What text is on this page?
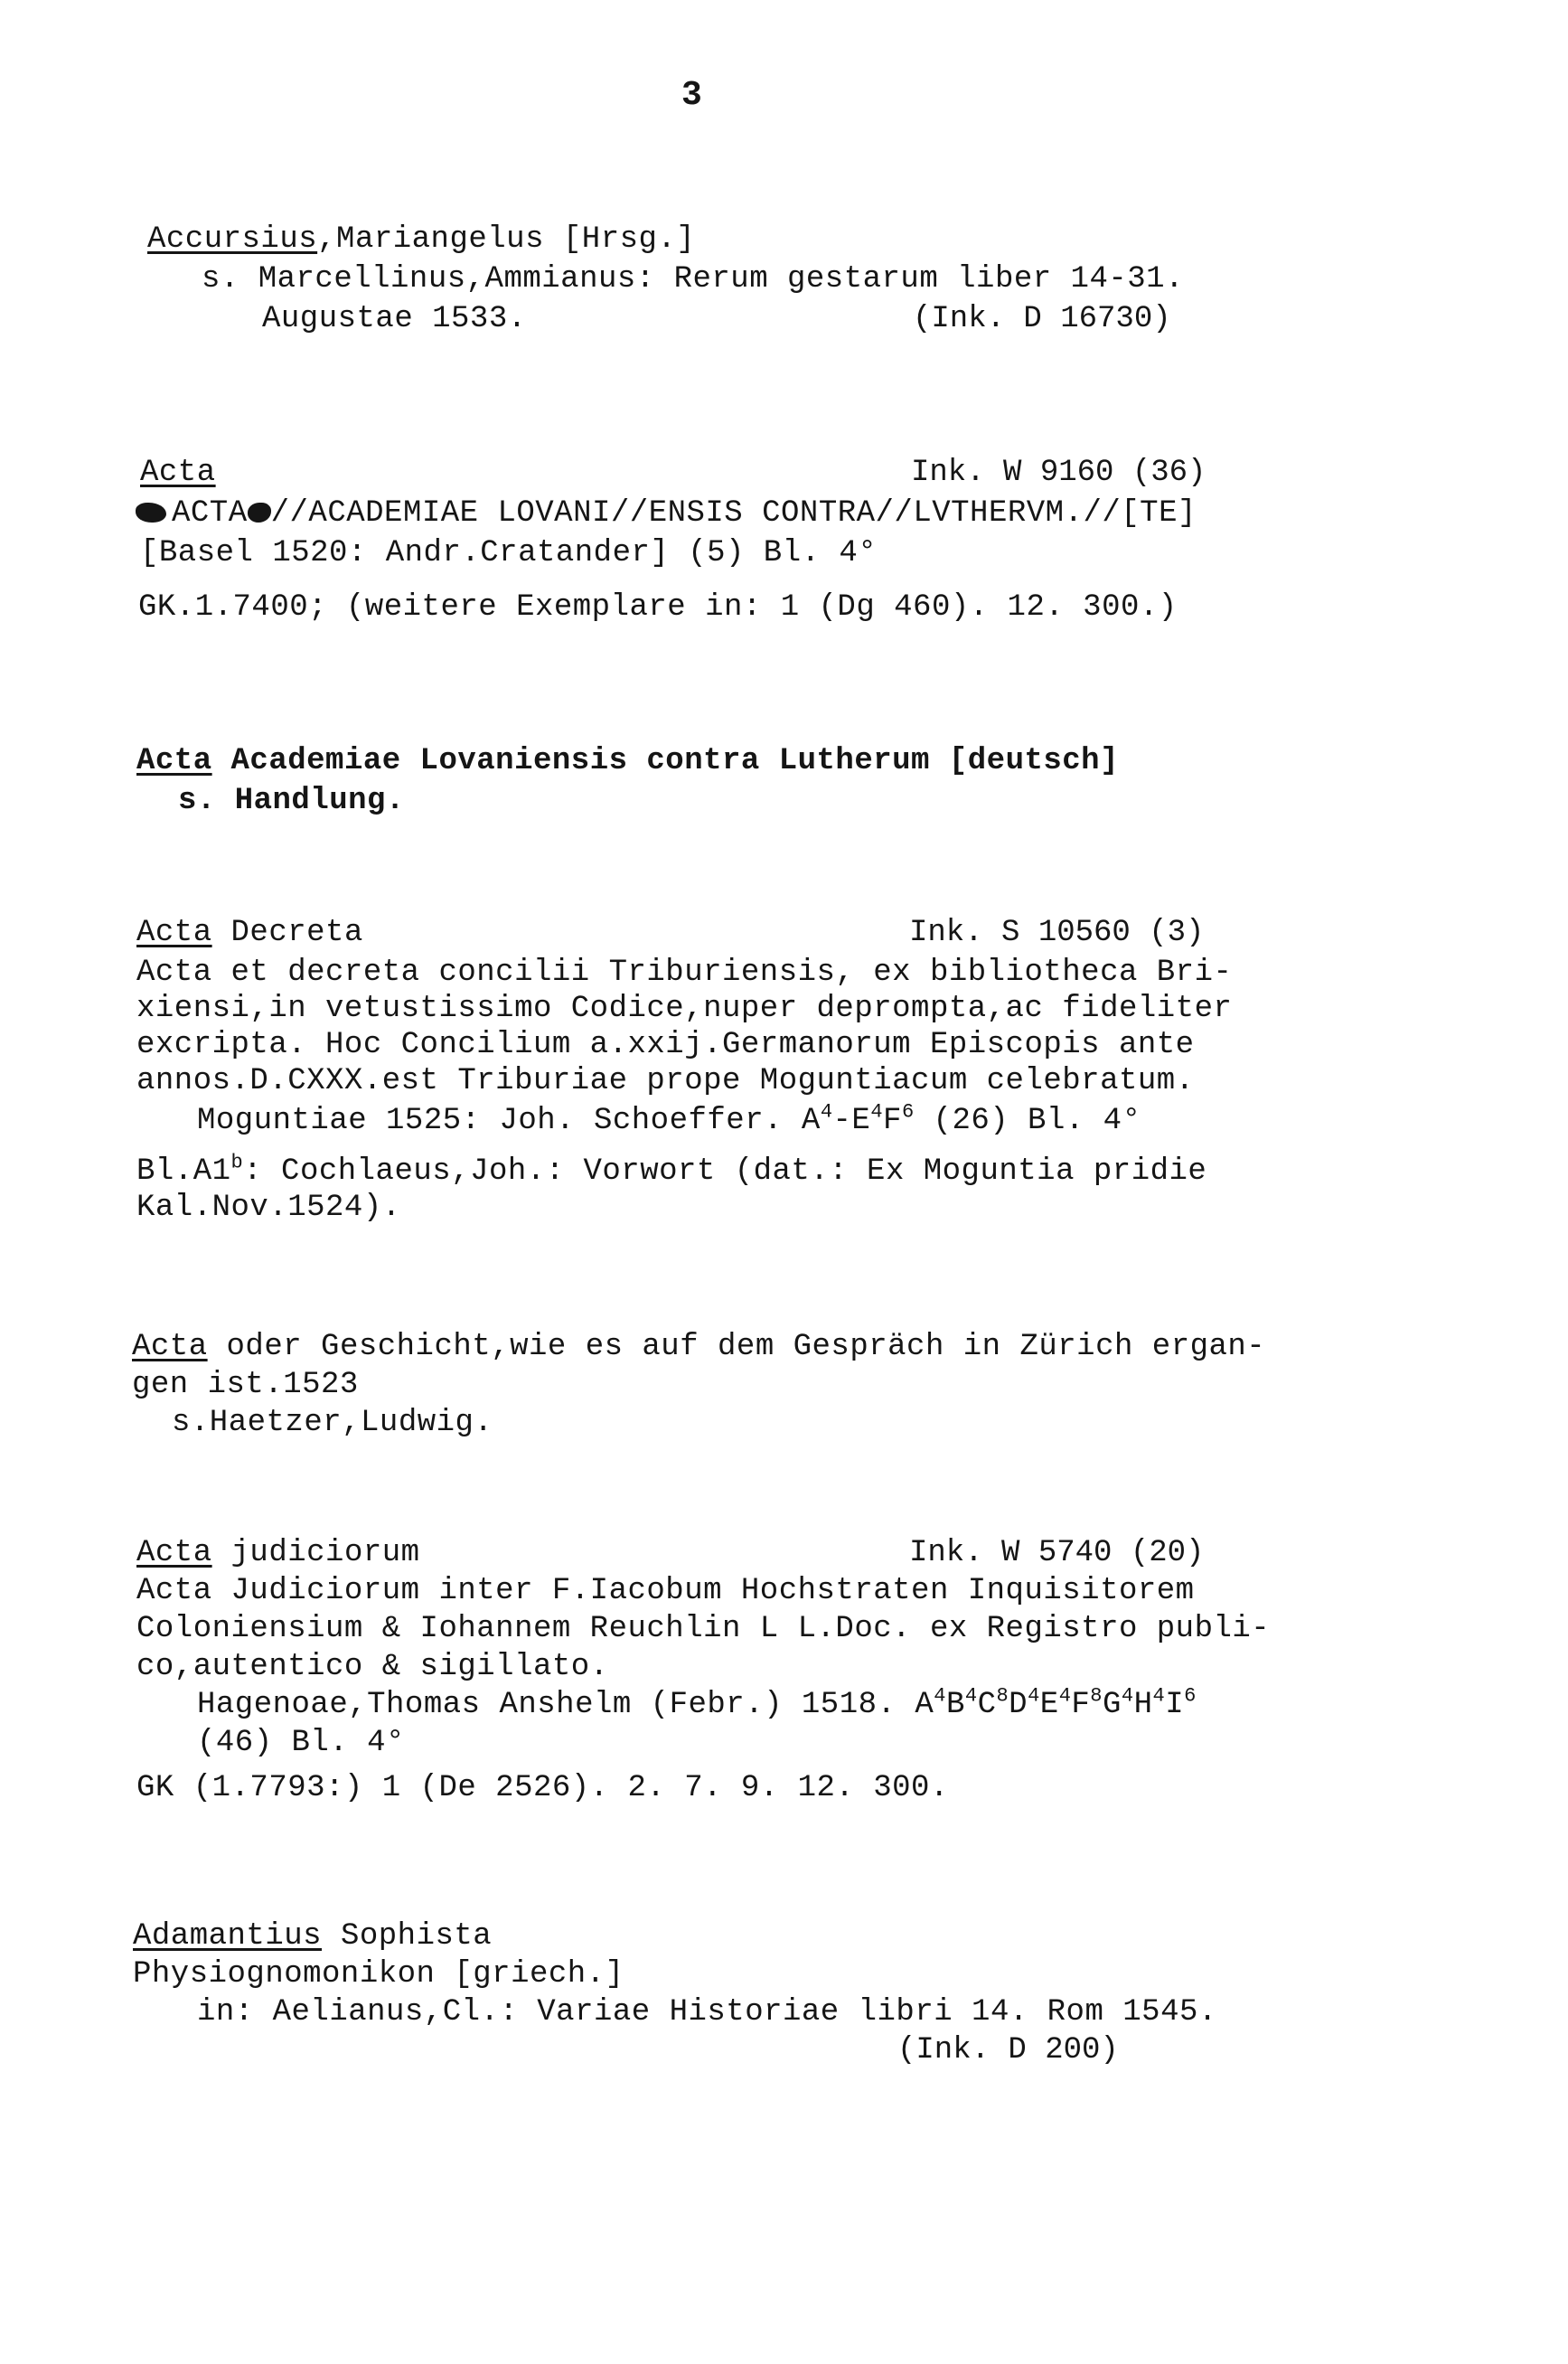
3
Accursius,Mariangelus [Hrsg.]
s. Marcellinus,Ammianus: Rerum gestarum liber 14-31.
Augustae 1533.	(Ink. D 16730)
Acta	Ink. W 9160 (36)
ACTA //ACADEMIAE LOVANI//ENSIS CONTRA//LVTHERVM.//[TE]
[Basel 1520: Andr.Cratander] (5) Bl. 4°
GK.1.7400; (weitere Exemplare in: 1 (Dg 460). 12. 300.)
Acta Academiae Lovaniensis contra Lutherum [deutsch]
s. Handlung.
Acta Decreta	Ink. S 10560 (3)
Acta et decreta concilii Triburiensis, ex bibliotheca Bri-
xiensi,in vetustissimo Codice,nuper deprompta,ac fideliter
excripta. Hoc Concilium a.xxij.Germanorum Episcopis ante
annos.D.CXXX.est Triburiae prope Moguntiacum celebratum.
Moguntiae 1525: Joh. Schoeffer. $A^4-E^4F^6$ (26) Bl. 4°
Bl.A1$^b$: Cochlaeus,Joh.: Vorwort (dat.: Ex Moguntia pridie
Kal.Nov.1524).
Acta oder Geschicht,wie es auf dem Gespräch in Zürich ergan-
gen ist.1523
s.Haetzer,Ludwig.
Acta judiciorum	Ink. W 5740 (20)
Acta Judiciorum inter F.Iacobum Hochstraten Inquisitorem
Coloniensium & Iohannem Reuchlin L L.Doc. ex Registro publi-
co,autentico & sigillato.
Hagenoae,Thomas Anshelm (Febr.) 1518. $A^4B^4C^8D^4E^4F^8G^4H^4I^6$
(46) Bl. 4°
GK (1.7793:) 1 (De 2526). 2. 7. 9. 12. 300.
Adamantius Sophista
Physiognomonikon [griech.]
in: Aelianus,Cl.: Variae Historiae libri 14. Rom 1545.
(Ink. D 200)
